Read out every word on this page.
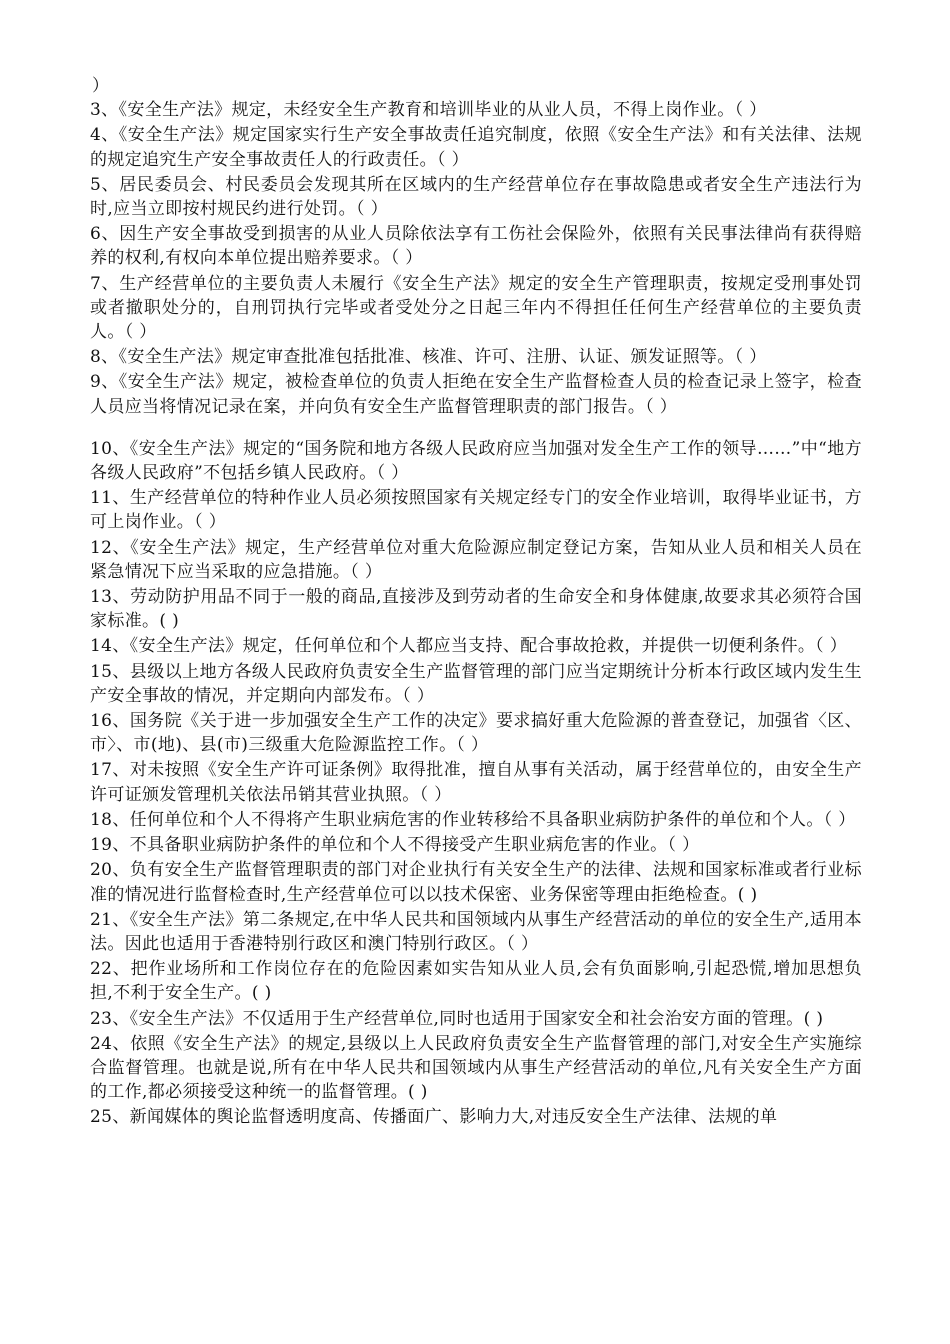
）

3、《安全生产法》规定，未经安全生产教育和培训毕业的从业人员，不得上岗作业。（ ）

4、《安全生产法》规定国家实行生产安全事故责任追究制度，依照《安全生产法》和有关法律、法规的规定追究生产安全事故责任人的行政责任。（ ）

5、居民委员会、村民委员会发现其所在区域内的生产经营单位存在事故隐患或者安全生产违法行为时,应当立即按村规民约进行处罚。（ ）

6、因生产安全事故受到损害的从业人员除依法享有工伤社会保险外，依照有关民事法律尚有获得赔养的权利,有权向本单位提出赔养要求。（ ）

7、生产经营单位的主要负责人未履行《安全生产法》规定的安全生产管理职责，按规定受刑事处罚或者撤职处分的，自刑罚执行完毕或者受处分之日起三年内不得担任任何生产经营单位的主要负责人。（ ）

8、《安全生产法》规定审查批准包括批准、核准、许可、注册、认证、颁发证照等。（ ）

9、《安全生产法》规定，被检查单位的负责人拒绝在安全生产监督检查人员的检查记录上签字，检查人员应当将情况记录在案，并向负有安全生产监督管理职责的部门报告。（ ）

10、《安全生产法》规定的“国务院和地方各级人民政府应当加强对发全生产工作的领导……”中“地方各级人民政府”不包括乡镇人民政府。（ ）

11、生产经营单位的特种作业人员必须按照国家有关规定经专门的安全作业培训，取得毕业证书，方可上岗作业。（ ）

12、《安全生产法》规定，生产经营单位对重大危险源应制定登记方案，告知从业人员和相关人员在紧急情况下应当采取的应急措施。（ ）

13、劳动防护用品不同于一般的商品,直接涉及到劳动者的生命安全和身体健康,故要求其必须符合国家标准。( )

14、《安全生产法》规定，任何单位和个人都应当支持、配合事故抢救，并提供一切便利条件。（ ）

15、县级以上地方各级人民政府负责安全生产监督管理的部门应当定期统计分析本行政区域内发生生产安全事故的情况，并定期向内部发布。（ ）

16、国务院《关于进一步加强安全生产工作的决定》要求搞好重大危险源的普查登记，加强省〈区、市〉、市(地)、县(市)三级重大危险源监控工作。（ ）

17、对未按照《安全生产许可证条例》取得批准，擅自从事有关活动，属于经营单位的，由安全生产许可证颁发管理机关依法吊销其营业执照。（ ）

18、任何单位和个人不得将产生职业病危害的作业转移给不具备职业病防护条件的单位和个人。（ ）

19、不具备职业病防护条件的单位和个人不得接受产生职业病危害的作业。（ ）

20、负有安全生产监督管理职责的部门对企业执行有关安全生产的法律、法规和国家标准或者行业标准的情况进行监督检查时,生产经营单位可以以技术保密、业务保密等理由拒绝检查。( )

21、《安全生产法》第二条规定,在中华人民共和国领域内从事生产经营活动的单位的安全生产,适用本法。因此也适用于香港特别行政区和澳门特别行政区。（ ）

22、把作业场所和工作岗位存在的危险因素如实告知从业人员,会有负面影响,引起恐慌,增加思想负担,不利于安全生产。( )

23、《安全生产法》不仅适用于生产经营单位,同时也适用于国家安全和社会治安方面的管理。( )

24、依照《安全生产法》的规定,县级以上人民政府负责安全生产监督管理的部门,对安全生产实施综合监督管理。也就是说,所有在中华人民共和国领域内从事生产经营活动的单位,凡有关安全生产方面的工作,都必须接受这种统一的监督管理。( )

25、新闻媒体的舆论监督透明度高、传播面广、影响力大,对违反安全生产法律、法规的单
